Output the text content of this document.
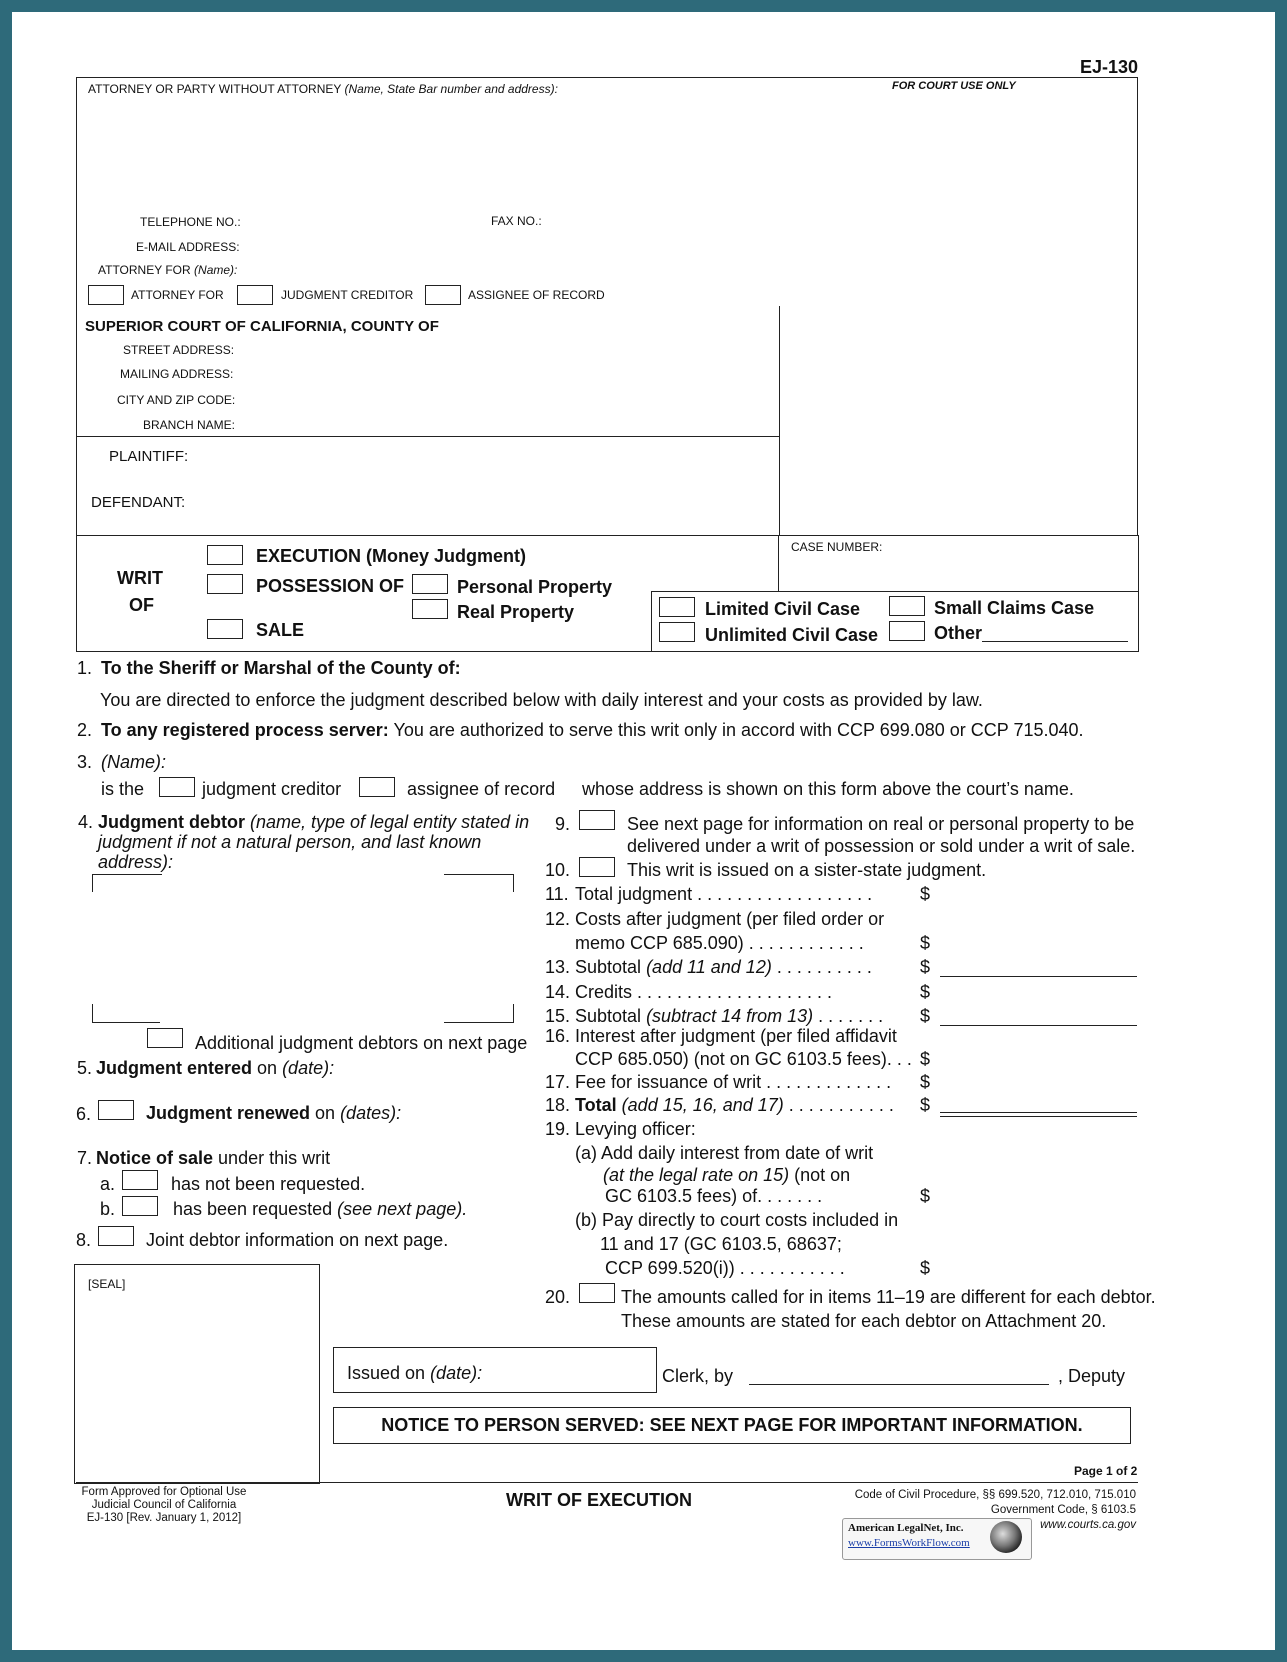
EJ-130
ATTORNEY OR PARTY WITHOUT ATTORNEY (Name, State Bar number and address):
TELEPHONE NO.:	FAX NO.:
E-MAIL ADDRESS:
ATTORNEY FOR (Name):
ATTORNEY FOR	JUDGMENT CREDITOR	ASSIGNEE OF RECORD
FOR COURT USE ONLY
SUPERIOR COURT OF CALIFORNIA, COUNTY OF
STREET ADDRESS:
MAILING ADDRESS:
CITY AND ZIP CODE:
BRANCH NAME:
PLAINTIFF:
DEFENDANT:
CASE NUMBER:
WRIT
OF
EXECUTION (Money Judgment)
POSSESSION OF	Personal Property
Real Property
SALE
Limited Civil Case
Unlimited Civil Case
Small Claims Case
Other
1. To the Sheriff or Marshal of the County of:
You are directed to enforce the judgment described below with daily interest and your costs as provided by law.
2. To any registered process server: You are authorized to serve this writ only in accord with CCP 699.080 or CCP 715.040.
3. (Name):
is the	judgment creditor	assignee of record whose address is shown on this form above the court’s name.
4. Judgment debtor (name, type of legal entity stated in
judgment if not a natural person, and last known
address):
Additional judgment debtors on next page
5. Judgment entered on (date):
6.	Judgment renewed on (dates):
7. Notice of sale under this writ
a.	has not been requested.
b.	has been requested (see next page).
8.	Joint debtor information on next page.
9.	See next page for information on real or personal property to be
delivered under a writ of possession or sold under a writ of sale.
10.	This writ is issued on a sister-state judgment.
11. Total judgment . . . . . . . . . . . . . . . . . .	$
12. Costs after judgment (per filed order or
memo CCP 685.090) . . . . . . . . . . . .	$
13. Subtotal (add 11 and 12) . . . . . . . . . .	$
14. Credits . . . . . . . . . . . . . . . . . . . .	$
15. Subtotal (subtract 14 from 13) . . . . . . . $
16. Interest after judgment (per filed affidavit
CCP 685.050) (not on GC 6103.5 fees). . . $
17. Fee for issuance of writ . . . . . . . . . . . . . $
18. Total (add 15, 16, and 17) . . . . . . . . . . . $
19. Levying officer:
(a) Add daily interest from date of writ
(at the legal rate on 15) (not on
GC 6103.5 fees) of. . . . . . .	$
(b) Pay directly to court costs included in
11 and 17 (GC 6103.5, 68637;
CCP 699.520(i)) . . . . . . . . . . .	$
20.	The amounts called for in items 11–19 are different for each debtor.
These amounts are stated for each debtor on Attachment 20.
[SEAL]
Issued on (date):	Clerk, by	, Deputy
NOTICE TO PERSON SERVED: SEE NEXT PAGE FOR IMPORTANT INFORMATION.
Page 1 of 2
Form Approved for Optional Use
Judicial Council of California
EJ-130 [Rev. January 1, 2012]
WRIT OF EXECUTION	Code of Civil Procedure, §§ 699.520, 712.010, 715.010
Government Code, § 6103.5
www.courts.ca.gov
American LegalNet, Inc.
www.FormsWorkFlow.com
